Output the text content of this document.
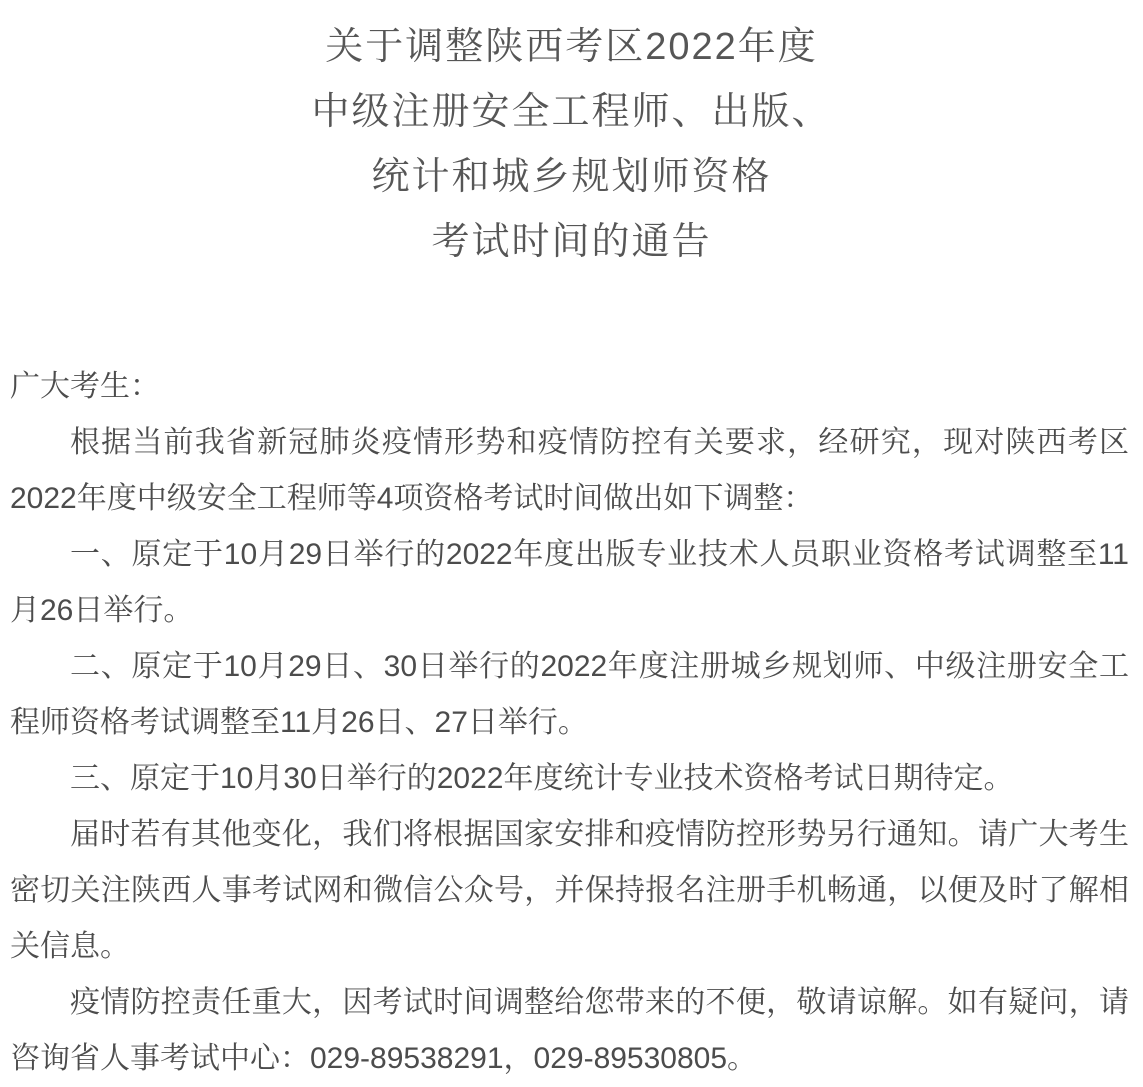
关于调整陕西考区2022年度
中级注册安全工程师、出版、
统计和城乡规划师资格
考试时间的通告

广大考生：

根据当前我省新冠肺炎疫情形势和疫情防控有关要求，经研究，现对陕西考区2022年度中级安全工程师等4项资格考试时间做出如下调整：

一、原定于10月29日举行的2022年度出版专业技术人员职业资格考试调整至11月26日举行。

二、原定于10月29日、30日举行的2022年度注册城乡规划师、中级注册安全工程师资格考试调整至11月26日、27日举行。

三、原定于10月30日举行的2022年度统计专业技术资格考试日期待定。

届时若有其他变化，我们将根据国家安排和疫情防控形势另行通知。请广大考生密切关注陕西人事考试网和微信公众号，并保持报名注册手机畅通，以便及时了解相关信息。

疫情防控责任重大，因考试时间调整给您带来的不便，敬请谅解。如有疑问，请咨询省人事考试中心：029-89538291，029-89530805。
